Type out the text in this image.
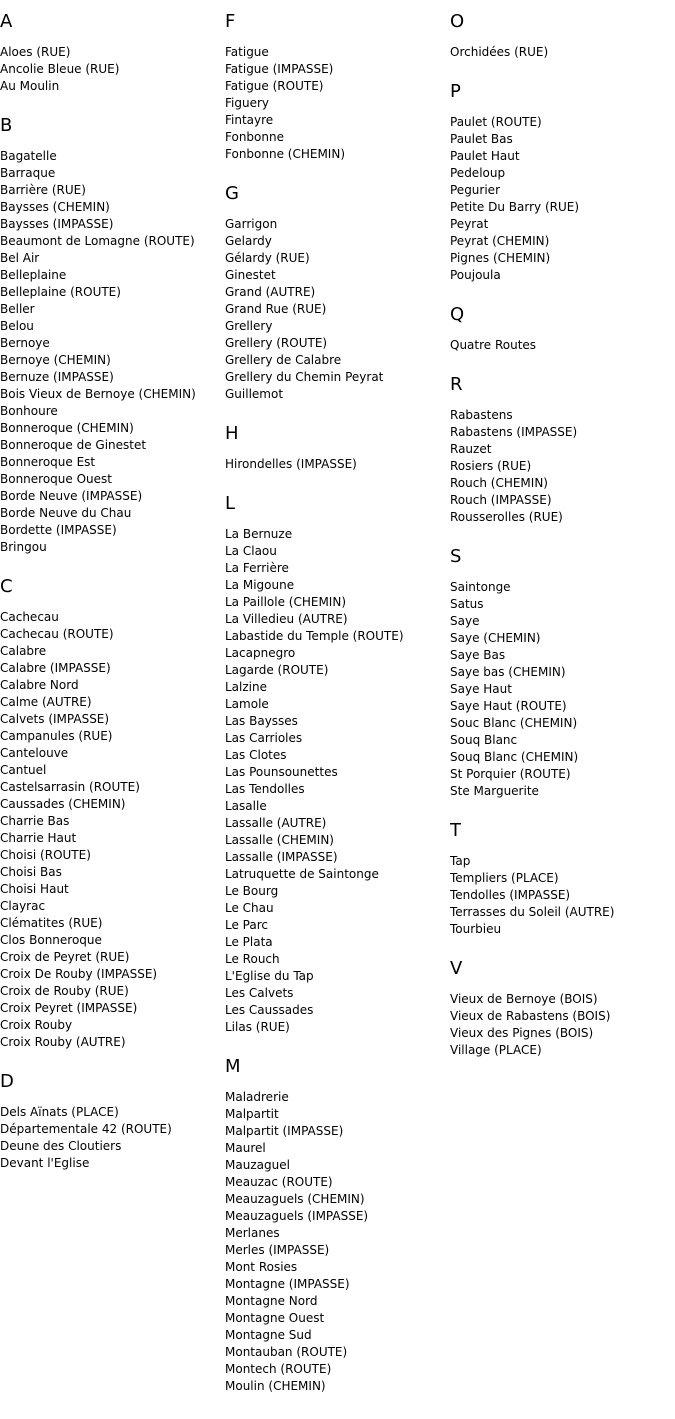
A
Aloes (RUE)
Ancolie Bleue (RUE)
Au Moulin
B
Bagatelle
Barraque
Barrière (RUE)
Baysses (CHEMIN)
Baysses (IMPASSE)
Beaumont de Lomagne (ROUTE)
Bel Air
Belleplaine
Belleplaine (ROUTE)
Beller
Belou
Bernoye
Bernoye (CHEMIN)
Bernuze (IMPASSE)
Bois Vieux de Bernoye (CHEMIN)
Bonhoure
Bonneroque (CHEMIN)
Bonneroque de Ginestet
Bonneroque Est
Bonneroque Ouest
Borde Neuve (IMPASSE)
Borde Neuve du Chau
Bordette (IMPASSE)
Bringou
C
Cachecau
Cachecau (ROUTE)
Calabre
Calabre (IMPASSE)
Calabre Nord
Calme (AUTRE)
Calvets (IMPASSE)
Campanules (RUE)
Cantelouve
Cantuel
Castelsarrasin (ROUTE)
Caussades (CHEMIN)
Charrie Bas
Charrie Haut
Choisi (ROUTE)
Choisi Bas
Choisi Haut
Clayrac
Clématites (RUE)
Clos Bonneroque
Croix de Peyret (RUE)
Croix De Rouby (IMPASSE)
Croix de Rouby (RUE)
Croix Peyret (IMPASSE)
Croix Rouby
Croix Rouby (AUTRE)
D
Dels Aïnats (PLACE)
Départementale 42 (ROUTE)
Deune des Cloutiers
Devant l'Eglise
F
Fatigue
Fatigue (IMPASSE)
Fatigue (ROUTE)
Figuery
Fintayre
Fonbonne
Fonbonne (CHEMIN)
G
Garrigon
Gelardy
Gélardy (RUE)
Ginestet
Grand (AUTRE)
Grand Rue (RUE)
Grellery
Grellery (ROUTE)
Grellery de Calabre
Grellery du Chemin Peyrat
Guillemot
H
Hirondelles (IMPASSE)
L
La Bernuze
La Claou
La Ferrière
La Migoune
La Paillole (CHEMIN)
La Villedieu (AUTRE)
Labastide du Temple (ROUTE)
Lacapnegro
Lagarde (ROUTE)
Lalzine
Lamole
Las Baysses
Las Carrioles
Las Clotes
Las Pounsounettes
Las Tendolles
Lasalle
Lassalle (AUTRE)
Lassalle (CHEMIN)
Lassalle (IMPASSE)
Latruquette de Saintonge
Le Bourg
Le Chau
Le Parc
Le Plata
Le Rouch
L'Eglise du Tap
Les Calvets
Les Caussades
Lilas (RUE)
M
Maladrerie
Malpartit
Malpartit (IMPASSE)
Maurel
Mauzaguel
Meauzac (ROUTE)
Meauzaguels (CHEMIN)
Meauzaguels (IMPASSE)
Merlanes
Merles (IMPASSE)
Mont Rosies
Montagne (IMPASSE)
Montagne Nord
Montagne Ouest
Montagne Sud
Montauban (ROUTE)
Montech (ROUTE)
Moulin (CHEMIN)
O
Orchidées (RUE)
P
Paulet (ROUTE)
Paulet Bas
Paulet Haut
Pedeloup
Pegurier
Petite Du Barry (RUE)
Peyrat
Peyrat (CHEMIN)
Pignes (CHEMIN)
Poujoula
Q
Quatre Routes
R
Rabastens
Rabastens (IMPASSE)
Rauzet
Rosiers (RUE)
Rouch (CHEMIN)
Rouch (IMPASSE)
Rousserolles (RUE)
S
Saintonge
Satus
Saye
Saye (CHEMIN)
Saye Bas
Saye bas (CHEMIN)
Saye Haut
Saye Haut (ROUTE)
Souc Blanc (CHEMIN)
Souq Blanc
Souq Blanc (CHEMIN)
St Porquier (ROUTE)
Ste Marguerite
T
Tap
Templiers (PLACE)
Tendolles (IMPASSE)
Terrasses du Soleil (AUTRE)
Tourbieu
V
Vieux de Bernoye (BOIS)
Vieux de Rabastens (BOIS)
Vieux des Pignes (BOIS)
Village (PLACE)
